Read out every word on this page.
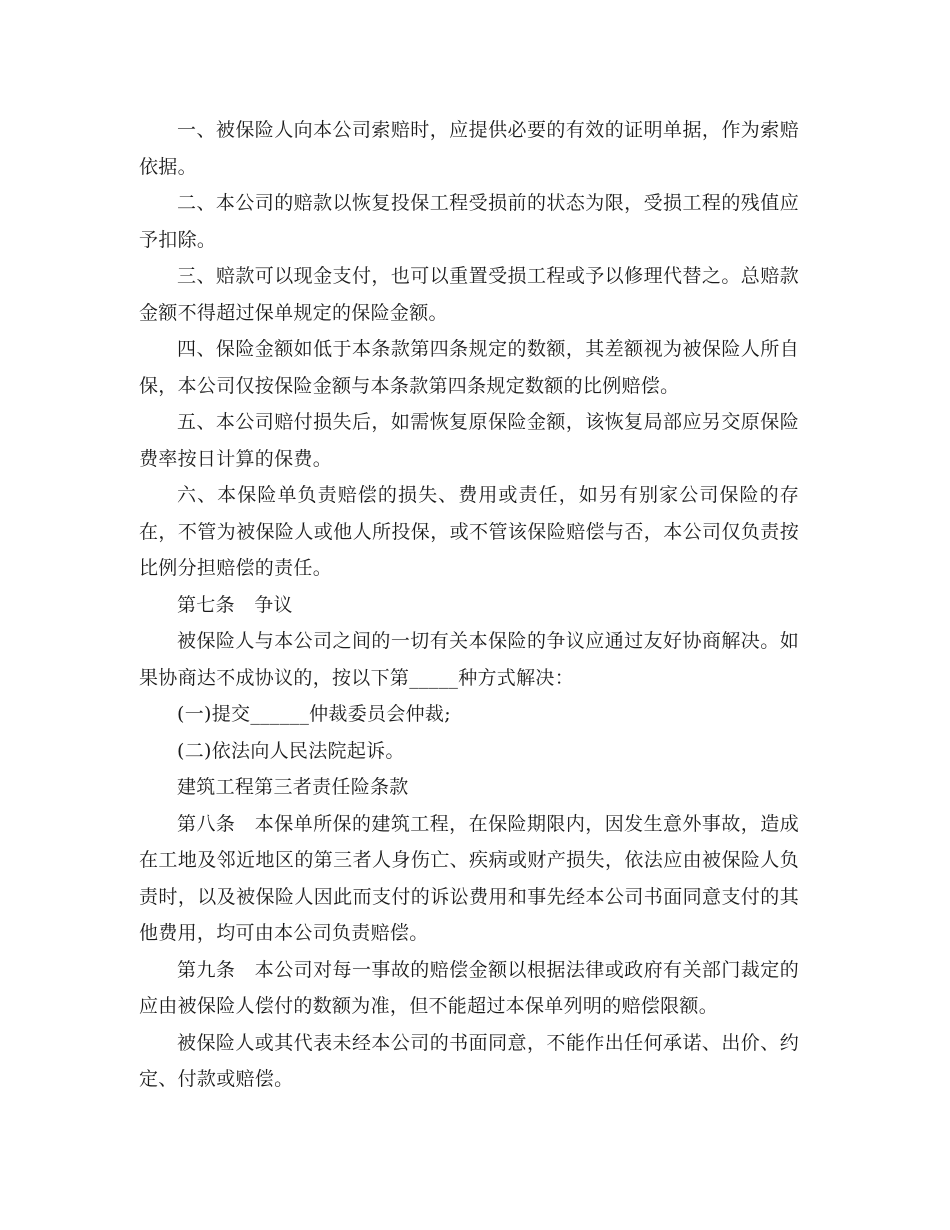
一、被保险人向本公司索赔时，应提供必要的有效的证明单据，作为索赔依据。

二、本公司的赔款以恢复投保工程受损前的状态为限，受损工程的残值应予扣除。

三、赔款可以现金支付，也可以重置受损工程或予以修理代替之。总赔款金额不得超过保单规定的保险金额。

四、保险金额如低于本条款第四条规定的数额，其差额视为被保险人所自保，本公司仅按保险金额与本条款第四条规定数额的比例赔偿。

五、本公司赔付损失后，如需恢复原保险金额，该恢复局部应另交原保险费率按日计算的保费。

六、本保险单负责赔偿的损失、费用或责任，如另有别家公司保险的存在，不管为被保险人或他人所投保，或不管该保险赔偿与否，本公司仅负责按比例分担赔偿的责任。

第七条　争议

被保险人与本公司之间的一切有关本保险的争议应通过友好协商解决。如果协商达不成协议的，按以下第_____种方式解决：

(一)提交______仲裁委员会仲裁;

(二)依法向人民法院起诉。

建筑工程第三者责任险条款

第八条　本保单所保的建筑工程，在保险期限内，因发生意外事故，造成在工地及邻近地区的第三者人身伤亡、疾病或财产损失，依法应由被保险人负责时，以及被保险人因此而支付的诉讼费用和事先经本公司书面同意支付的其他费用，均可由本公司负责赔偿。

第九条　本公司对每一事故的赔偿金额以根据法律或政府有关部门裁定的应由被保险人偿付的数额为准，但不能超过本保单列明的赔偿限额。

被保险人或其代表未经本公司的书面同意，不能作出任何承诺、出价、约定、付款或赔偿。
